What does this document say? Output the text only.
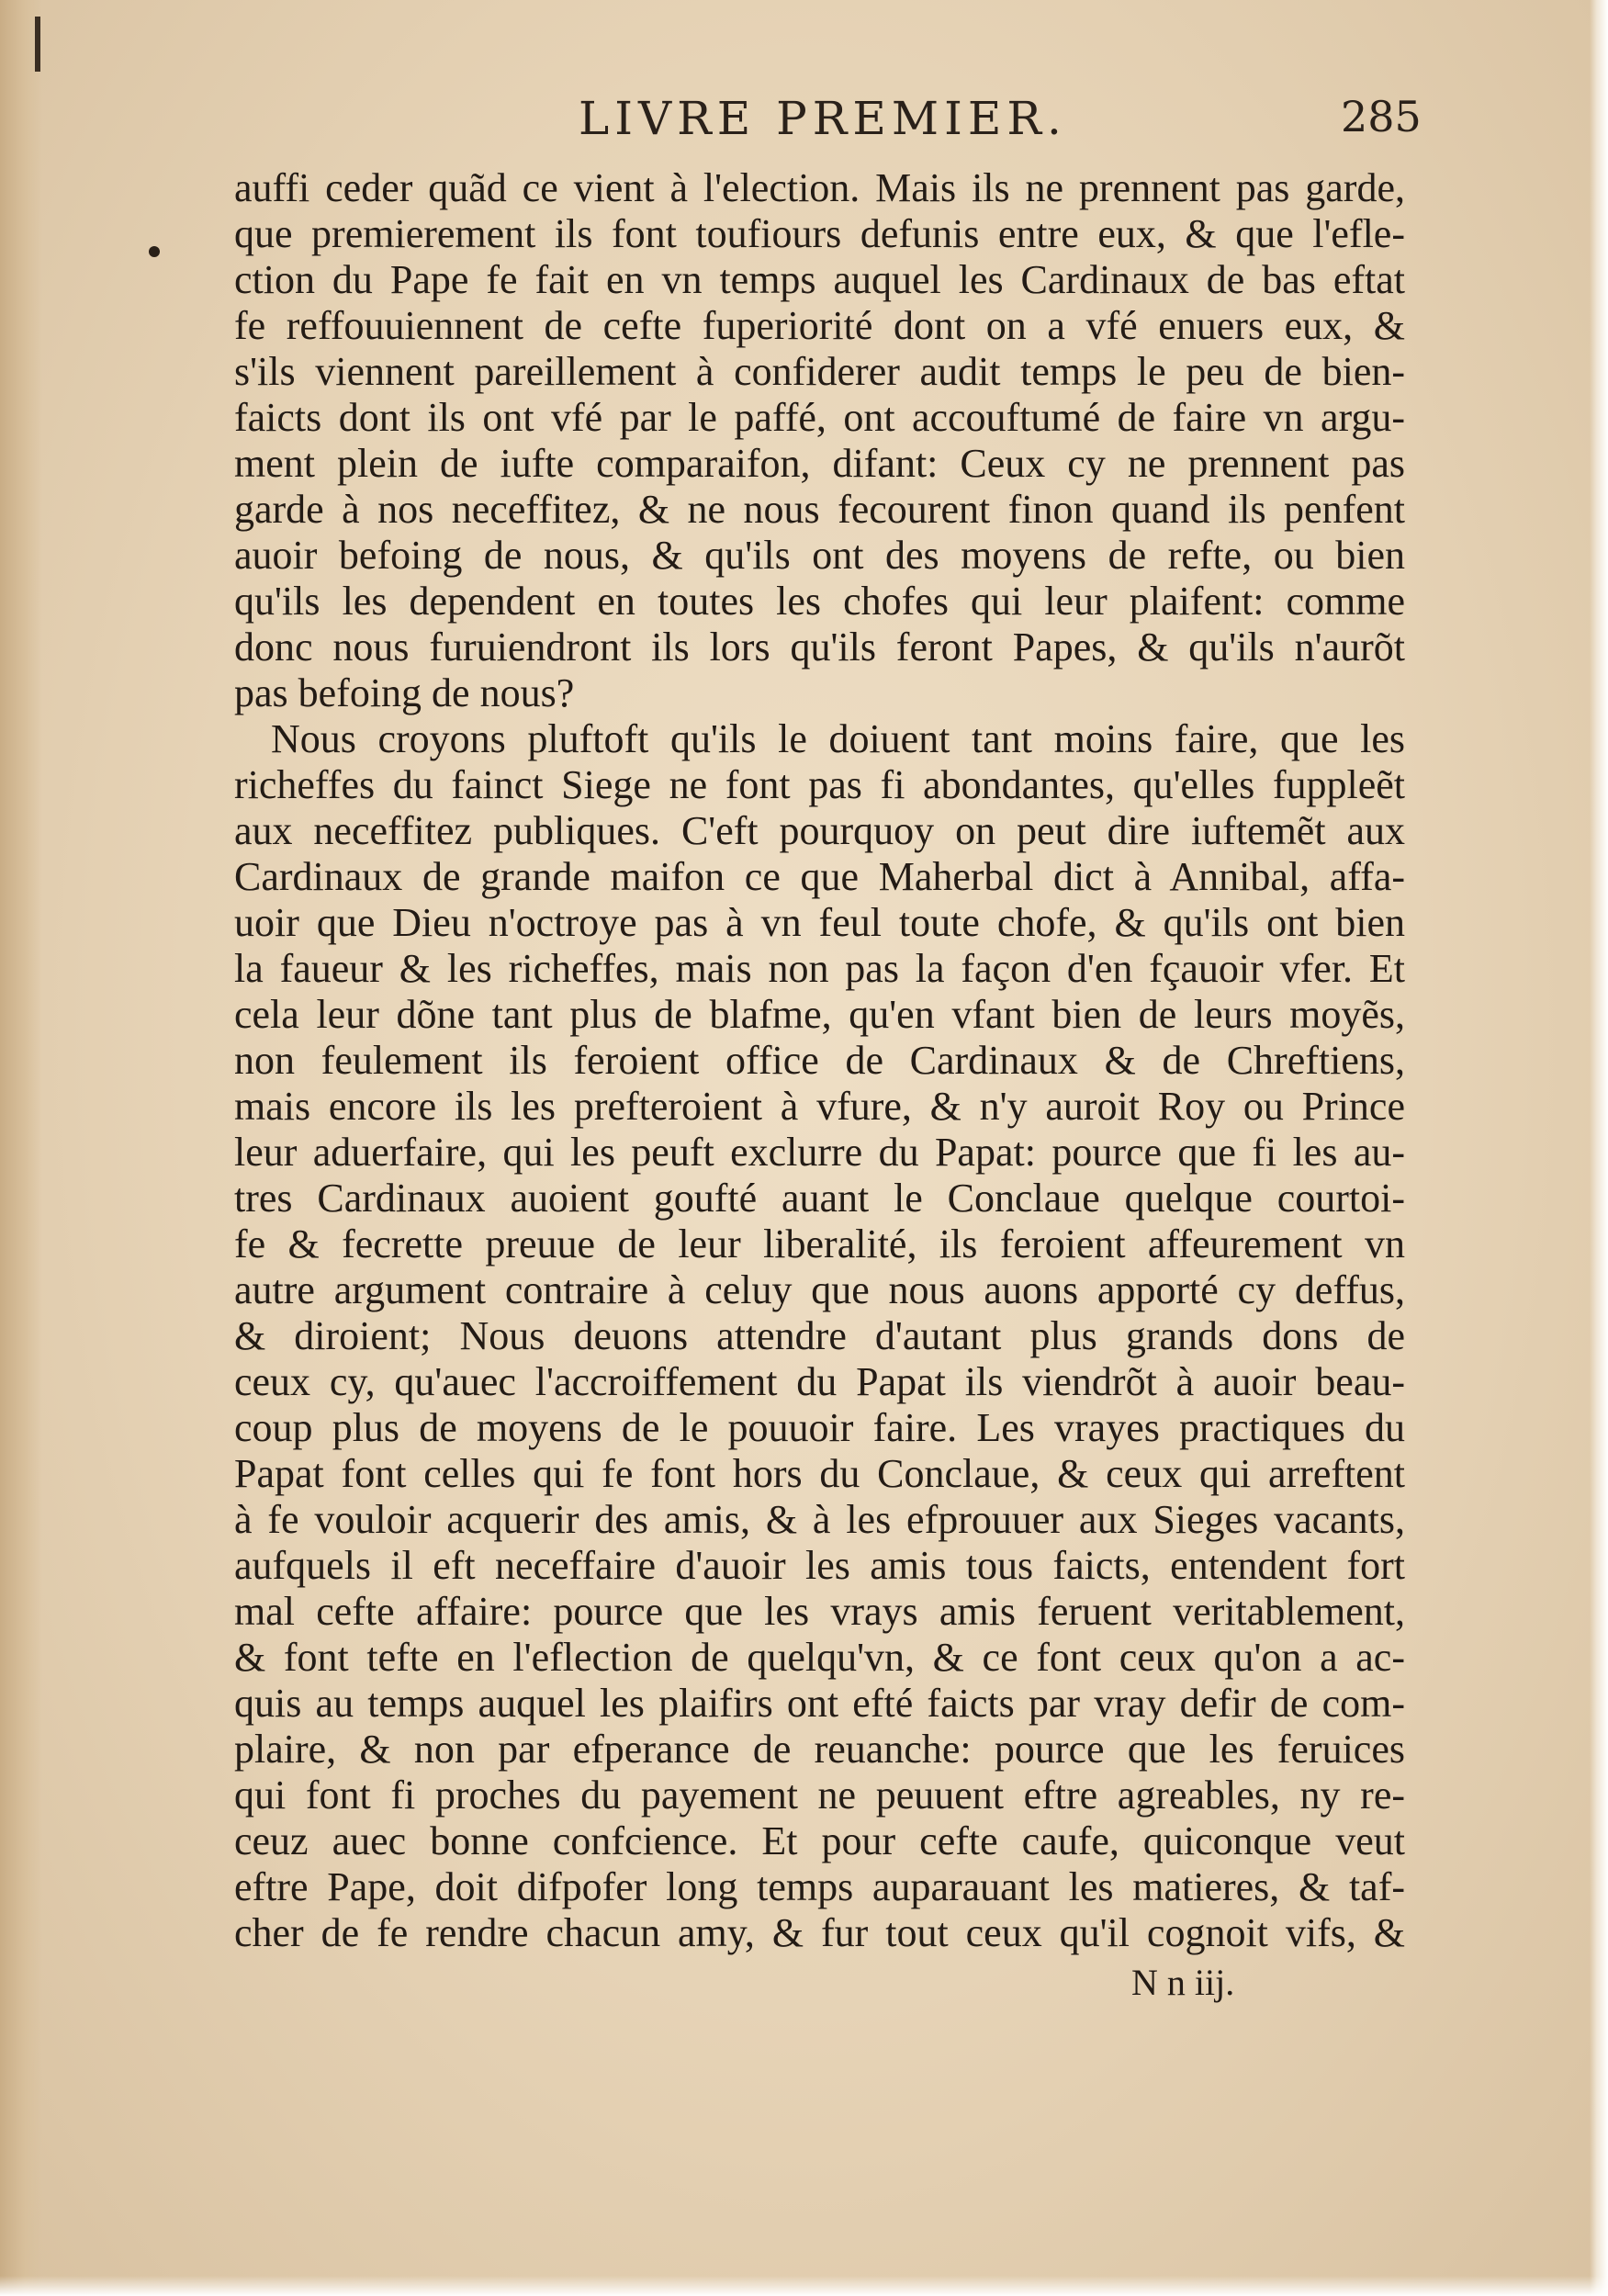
LIVRE PREMIER.	285

auffi ceder quãd ce vient à l'election. Mais ils ne prennent pas garde,

que premierement ils font toufiours defunis entre eux, & que l'efle-

ction du Pape fe fait en vn temps auquel les Cardinaux de bas eftat

fe reffouuiennent de cefte fuperiorité dont on a vfé enuers eux, &

s'ils viennent pareillement à confiderer audit temps le peu de bien-

faicts dont ils ont vfé par le paffé, ont accouftumé de faire vn argu-

ment plein de iufte comparaifon, difant: Ceux cy ne prennent pas

garde à nos neceffitez, & ne nous fecourent finon quand ils penfent

auoir befoing de nous, & qu'ils ont des moyens de refte, ou bien

qu'ils les dependent en toutes les chofes qui leur plaifent: comme

donc nous furuiendront ils lors qu'ils feront Papes, & qu'ils n'aurõt

pas befoing de nous?

Nous croyons pluftoft qu'ils le doiuent tant moins faire, que les

richeffes du fainct Siege ne font pas fi abondantes, qu'elles fuppleẽt

aux neceffitez publiques. C'eft pourquoy on peut dire iuftemẽt aux

Cardinaux de grande maifon ce que Maherbal dict à Annibal, affa-

uoir que Dieu n'octroye pas à vn feul toute chofe, & qu'ils ont bien

la faueur & les richeffes, mais non pas la façon d'en fçauoir vfer. Et

cela leur dõne tant plus de blafme, qu'en vfant bien de leurs moyẽs,

non feulement ils feroient office de Cardinaux & de Chreftiens,

mais encore ils les prefteroient à vfure, & n'y auroit Roy ou Prince

leur aduerfaire, qui les peuft exclurre du Papat: pource que fi les au-

tres Cardinaux auoient goufté auant le Conclaue quelque courtoi-

fe & fecrette preuue de leur liberalité, ils feroient affeurement vn

autre argument contraire à celuy que nous auons apporté cy deffus,

& diroient; Nous deuons attendre d'autant plus grands dons de

ceux cy, qu'auec l'accroiffement du Papat ils viendrõt à auoir beau-

coup plus de moyens de le pouuoir faire. Les vrayes practiques du

Papat font celles qui fe font hors du Conclaue, & ceux qui arreftent

à fe vouloir acquerir des amis, & à les efprouuer aux Sieges vacants,

aufquels il eft neceffaire d'auoir les amis tous faicts, entendent fort

mal cefte affaire: pource que les vrays amis feruent veritablement,

& font tefte en l'eflection de quelqu'vn, & ce font ceux qu'on a ac-

quis au temps auquel les plaifirs ont efté faicts par vray defir de com-

plaire, & non par efperance de reuanche: pource que les feruices

qui font fi proches du payement ne peuuent eftre agreables, ny re-

ceuz auec bonne confcience. Et pour cefte caufe, quiconque veut

eftre Pape, doit difpofer long temps auparauant les matieres, & taf-

cher de fe rendre chacun amy, & fur tout ceux qu'il cognoit vifs, &

N n iij.
